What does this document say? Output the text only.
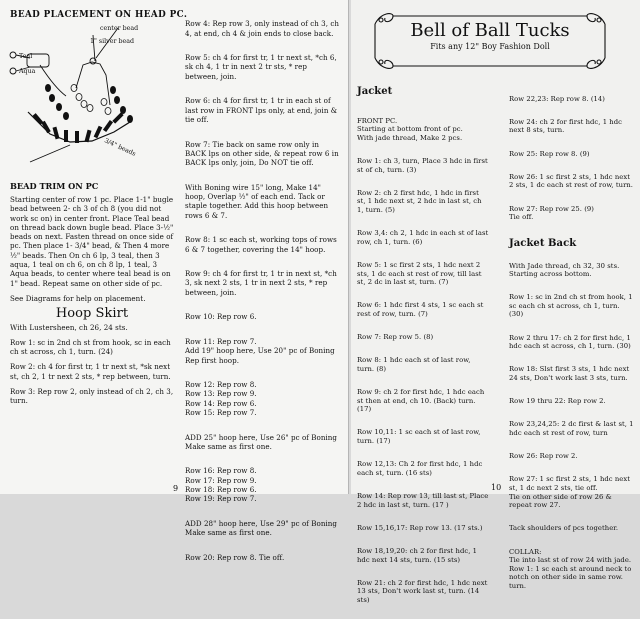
BEAD PLACEMENT ON HEAD PC.
center bead
1" silver bead
Teal
Aqua
3/4" beads
BEAD TRIM ON PC

Starting center of row 1 pc. Place 1-1" bugle bead between 2- ch 3 of ch 8 (you did not work sc on) in center front. Place Teal bead on thread back down bugle bead. Place 3-½" beads on next. Fasten thread on once side of pc. Then place 1- 3/4" bead, & Then 4 more ½" beads. Then On ch 6 lp, 3 teal, then 3 aqua, 1 teal on ch 6, on ch 8 lp, 1 teal, 3 Aqua beads, to center where teal bead is on 1" bead. Repeat same on other side of pc.

See Diagrams for help on placement.

Hoop Skirt

With Lustersheen, ch 26, 24 sts.

Row 1: sc in 2nd ch st from hook, sc in each ch st across, ch 1, turn. (24)

Row 2: ch 4 for first tr, 1 tr next st, *sk next st, ch 2, 1 tr next 2 sts, * rep between, turn.

Row 3: Rep row 2, only instead of ch 2, ch 3, turn.

Row 4: Rep row 3, only instead of ch 3, ch 4, at end, ch 4 & join ends to close back.

Row 5: ch 4 for first tr, 1 tr next st, *ch 6, sk ch 4, 1 tr in next 2 tr sts, * rep between, join.

Row 6: ch 4 for first tr, 1 tr in each st of last row in FRONT lps only, at end, join & tie off.

Row 7: Tie back on same row only in BACK lps on other side, & repeat row 6 in BACK lps only, join, Do NOT tie off.

With Boning wire 15" long, Make 14" hoop, Overlap ½" of each end. Tack or staple together. Add this hoop between rows 6 & 7.

Row 8: 1 sc each st, working tops of rows 6 & 7 together, covering the 14" hoop.

Row 9: ch 4 for first tr, 1 tr in next st, *ch 3, sk next 2 sts, 1 tr in next 2 sts, * rep between, join.

Row 10: Rep row 6.

Row 11: Rep row 7.
Add 19" hoop here, Use 20" pc of Boning Rep first hoop.

Row 12: Rep row 8.
Row 13: Rep row 9.
Row 14: Rep row 6.
Row 15: Rep row 7.

ADD 25" hoop here, Use 26" pc of Boning Make same as first one.

Row 16: Rep row 8.
Row 17: Rep row 9.
Row 18: Rep row 6.
Row 19: Rep row 7.

ADD 28" hoop here, Use 29" pc of Boning Make same as first one.

Row 20: Rep row 8. Tie off.

9
Bell of Ball Tucks
Fits any 12" Boy Fashion Doll
Jacket

FRONT PC.
Starting at bottom front of pc.
With jade thread, Make 2 pcs.

Row 1: ch 3, turn, Place 3 hdc in first st of ch, turn. (3)

Row 2: ch 2 first hdc, 1 hdc in first st, 1 hdc next st, 2 hdc in last st, ch 1, turn. (5)

Row 3,4: ch 2, 1 hdc in each st of last row, ch 1, turn. (6)

Row 5: 1 sc first 2 sts, 1 hdc next 2 sts, 1 dc each st rest of row, till last st, 2 dc in last st, turn. (7)

Row 6: 1 hdc first 4 sts, 1 sc each st rest of row, turn. (7)

Row 7: Rep row 5. (8)

Row 8: 1 hdc each st of last row, turn. (8)

Row 9: ch 2 for first hdc, 1 hdc each st then at end, ch 10. (Back) turn. (17)

Row 10,11: 1 sc each st of last row, turn. (17)

Row 12,13: Ch 2 for first hdc, 1 hdc each st, turn. (16 sts)

Row 14: Rep row 13, till last st, Place 2 hdc in last st, turn. (17 )

Row 15,16,17: Rep row 13. (17 sts.)

Row 18,19,20: ch 2 for first hdc, 1 hdc next 14 sts, turn. (15 sts)

Row 21: ch 2 for first hdc, 1 hdc next 13 sts, Don't work last st, turn. (14 sts)

Row 22,23: Rep row 8. (14)

Row 24: ch 2 for first hdc, 1 hdc next 8 sts, turn.

Row 25: Rep row 8. (9)

Row 26: 1 sc first 2 sts, 1 hdc next 2 sts, 1 dc each st rest of row, turn.

Row 27: Rep row 25. (9)
Tie off.

Jacket Back

With Jade thread, ch 32, 30 sts. Starting across bottom.

Row 1: sc in 2nd ch st from hook, 1 sc each ch st across, ch 1, turn. (30)

Row 2 thru 17: ch 2 for first hdc, 1 hdc each st across, ch 1, turn. (30)

Row 18: Slst first 3 sts, 1 hdc next 24 sts, Don't work last 3 sts, turn.

Row 19 thru 22: Rep row 2.

Row 23,24,25: 2 dc first & last st, 1 hdc each st rest of row, turn

Row 26: Rep row 2.

Row 27: 1 sc first 2 sts, 1 hdc next st, 1 dc next 2 sts, tie off.
Tie on other side of row 26 & repeat row 27.

Tack shoulders of pcs together.

COLLAR:
Tie into last st of row 24 with jade. Row 1: 1 sc each st around neck to notch on other side in same row. turn.

10
